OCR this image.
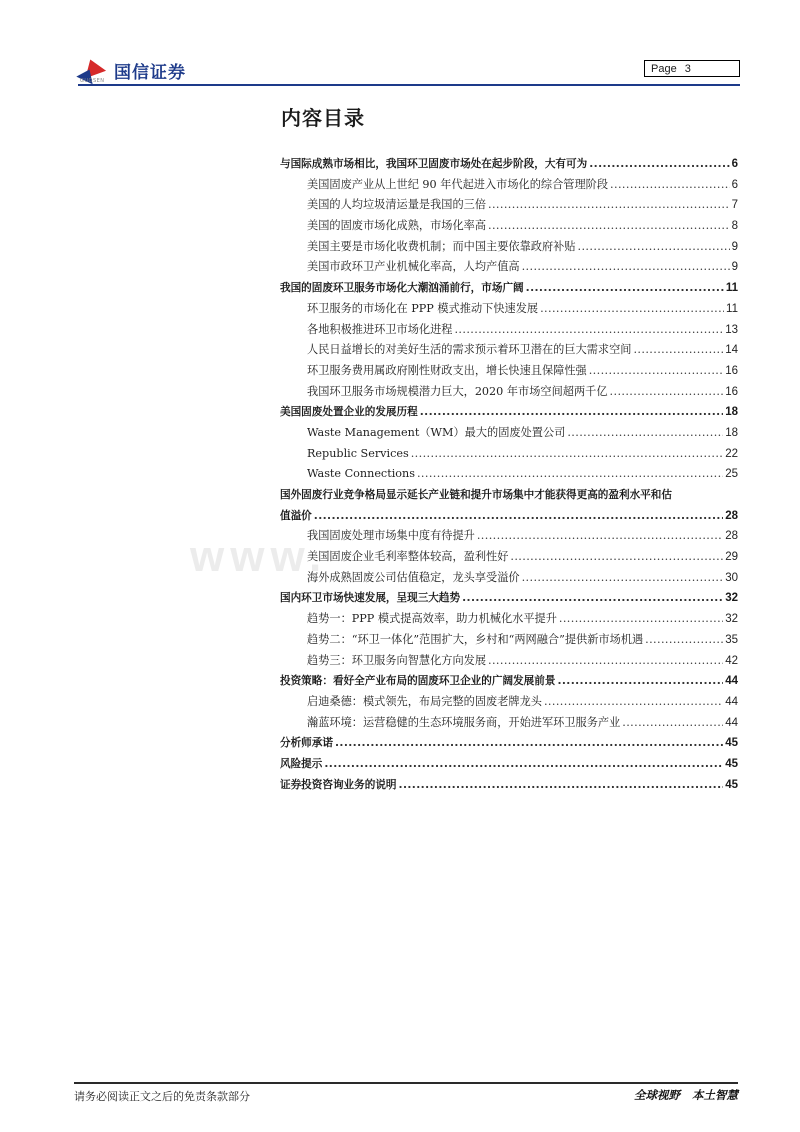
国信证券
GUOSEN
Page 3
内容目录
www.
与国际成熟市场相比，我国环卫固废市场处在起步阶段，大有可为 .....	6
美国固废产业从上世纪 90 年代起进入市场化的综合管理阶段 .....	6
美国的人均垃圾清运量是我国的三倍 .....	7
美国的固废市场化成熟，市场化率高 .....	8
美国主要是市场化收费机制；而中国主要依靠政府补贴 .....	9
美国市政环卫产业机械化率高，人均产值高 .....	9
我国的固废环卫服务市场化大潮汹涌前行，市场广阔 .....	11
环卫服务的市场化在 PPP 模式推动下快速发展 .....	11
各地积极推进环卫市场化进程 .....	13
人民日益增长的对美好生活的需求预示着环卫潜在的巨大需求空间 .....	14
环卫服务费用属政府刚性财政支出，增长快速且保障性强 .....	16
我国环卫服务市场规模潜力巨大，2020 年市场空间超两千亿 .....	16
美国固废处置企业的发展历程 .....	18
Waste Management（WM）最大的固废处置公司 .....	18
Republic Services .....	22
Waste Connections .....	25
国外固废行业竞争格局显示延长产业链和提升市场集中才能获得更高的盈利水平和估
值溢价 .....	28
我国固废处理市场集中度有待提升 .....	28
美国固废企业毛利率整体较高，盈利性好 .....	29
海外成熟固废公司估值稳定，龙头享受溢价 .....	30
国内环卫市场快速发展，呈现三大趋势 .....	32
趋势一：PPP 模式提高效率，助力机械化水平提升 .....	32
趋势二：“环卫一体化”范围扩大，乡村和“两网融合”提供新市场机遇 .....	35
趋势三：环卫服务向智慧化方向发展 .....	42
投资策略：看好全产业布局的固废环卫企业的广阔发展前景 .....	44
启迪桑德：模式领先，布局完整的固废老牌龙头 .....	44
瀚蓝环境：运营稳健的生态环境服务商，开始进军环卫服务产业 .....	44
分析师承诺 .....	45
风险提示 .....	45
证券投资咨询业务的说明 .....	45
请务必阅读正文之后的免责条款部分	全球视野 本土智慧
